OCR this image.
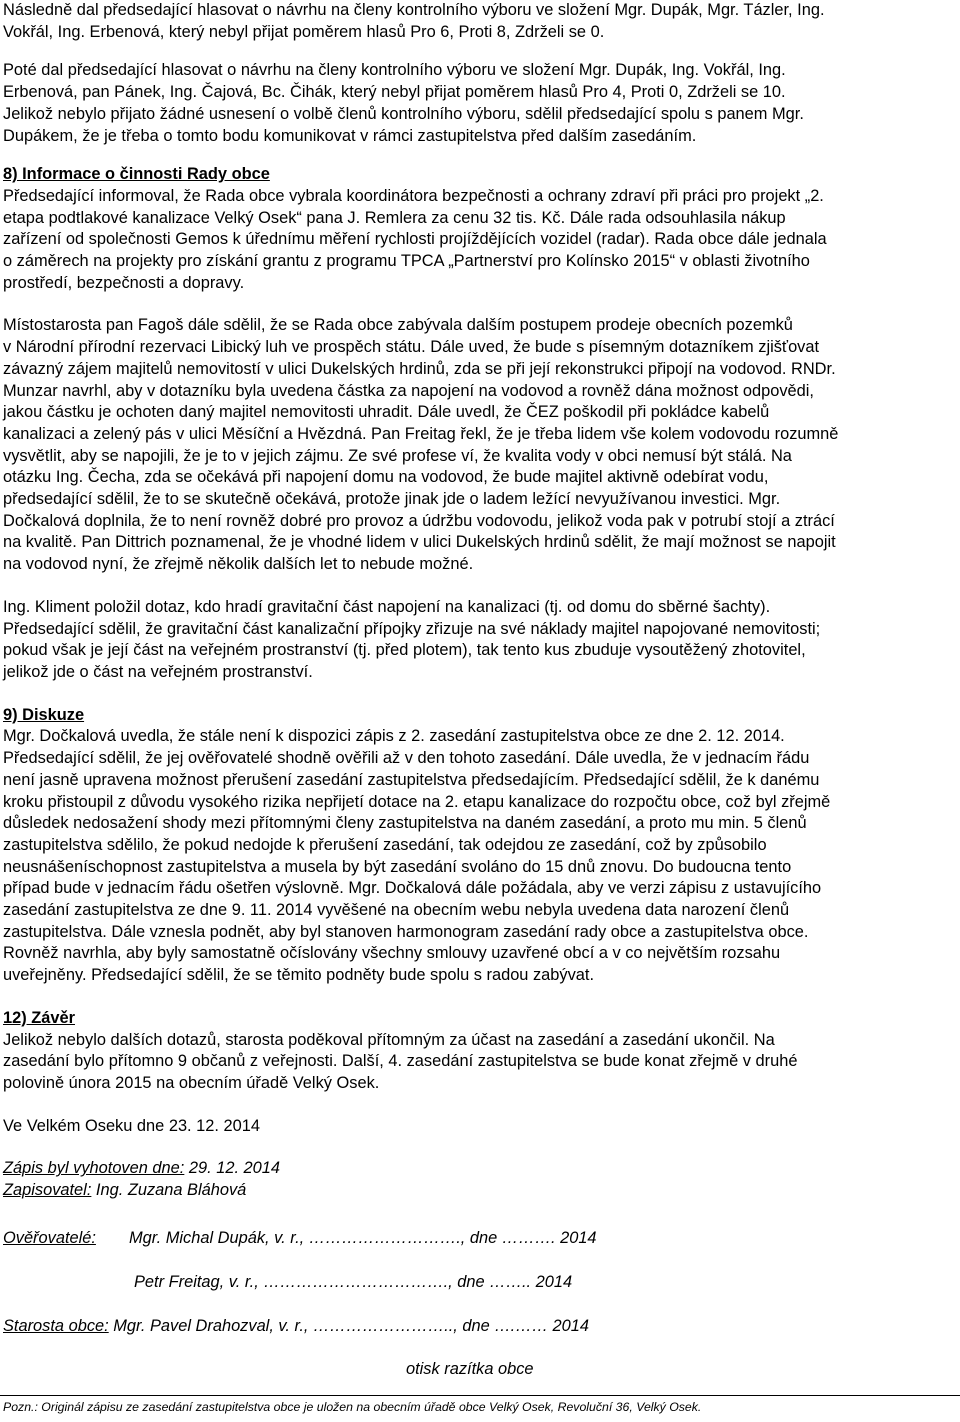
Následně dal předsedající hlasovat o návrhu na členy kontrolního výboru ve složení Mgr. Dupák, Mgr. Tázler, Ing.
Vokřál, Ing. Erbenová, který nebyl přijat poměrem hlasů Pro 6, Proti 8, Zdrželi se 0.

Poté dal předsedající hlasovat o návrhu na členy kontrolního výboru ve složení Mgr. Dupák, Ing. Vokřál, Ing.
Erbenová, pan Pánek, Ing. Čajová, Bc. Čihák, který nebyl přijat poměrem hlasů Pro 4, Proti 0, Zdrželi se 10.
Jelikož nebylo přijato žádné usnesení o volbě členů kontrolního výboru, sdělil předsedající spolu s panem Mgr.
Dupákem, že je třeba o tomto bodu komunikovat v rámci zastupitelstva před dalším zasedáním.

8) Informace o činnosti Rady obce
Předsedající informoval, že Rada obce vybrala koordinátora bezpečnosti a ochrany zdraví při práci pro projekt „2.
etapa podtlakové kanalizace Velký Osek“ pana J. Remlera za cenu 32 tis. Kč. Dále rada odsouhlasila nákup
zařízení od společnosti Gemos k úřednímu měření rychlosti projíždějících vozidel (radar). Rada obce dále jednala
o záměrech na projekty pro získání grantu z programu TPCA „Partnerství pro Kolínsko 2015“ v oblasti životního
prostředí, bezpečnosti a dopravy.

Místostarosta pan Fagoš dále sdělil, že se Rada obce zabývala dalším postupem prodeje obecních pozemků
v Národní přírodní rezervaci Libický luh ve prospěch státu. Dále uved, že bude s písemným dotazníkem zjišťovat
závazný zájem majitelů nemovitostí v ulici Dukelských hrdinů, zda se při její rekonstrukci připojí na vodovod. RNDr.
Munzar navrhl, aby v dotazníku byla uvedena částka za napojení na vodovod a rovněž dána možnost odpovědi,
jakou částku je ochoten daný majitel nemovitosti uhradit. Dále uvedl, že ČEZ poškodil při pokládce kabelů
kanalizaci a zelený pás v ulici Měsíční a Hvězdná. Pan Freitag řekl, že je třeba lidem vše kolem vodovodu rozumně
vysvětlit, aby se napojili, že je to v jejich zájmu. Ze své profese ví, že kvalita vody v obci nemusí být stálá. Na
otázku Ing. Čecha, zda se očekává při napojení domu na vodovod, že bude majitel aktivně odebírat vodu,
předsedající sdělil, že to se skutečně očekává, protože jinak jde o ladem ležící nevyužívanou investici. Mgr.
Dočkalová doplnila, že to není rovněž dobré pro provoz a údržbu vodovodu, jelikož voda pak v potrubí stojí a ztrácí
na kvalitě. Pan Dittrich poznamenal, že je vhodné lidem v ulici Dukelských hrdinů sdělit, že mají možnost se napojit
na vodovod nyní, že zřejmě několik dalších let to nebude možné.

Ing. Kliment položil dotaz, kdo hradí gravitační část napojení na kanalizaci (tj. od domu do sběrné šachty).
Předsedající sdělil, že gravitační část kanalizační přípojky zřizuje na své náklady majitel napojované nemovitosti;
pokud však je její část na veřejném prostranství (tj. před plotem), tak tento kus zbuduje vysoutěžený zhotovitel,
jelikož jde o část na veřejném prostranství.

9) Diskuze
Mgr. Dočkalová uvedla, že stále není k dispozici zápis z 2. zasedání zastupitelstva obce ze dne 2. 12. 2014.
Předsedající sdělil, že jej ověřovatelé shodně ověřili až v den tohoto zasedání. Dále uvedla, že v jednacím řádu
není jasně upravena možnost přerušení zasedání zastupitelstva předsedajícím. Předsedající sdělil, že k danému
kroku přistoupil z důvodu vysokého rizika nepřijetí dotace na 2. etapu kanalizace do rozpočtu obce, což byl zřejmě
důsledek nedosažení shody mezi přítomnými členy zastupitelstva na daném zasedání, a proto mu min. 5 členů
zastupitelstva sdělilo, že pokud nedojde k přerušení zasedání, tak odejdou ze zasedání, což by způsobilo
neusnášeníschopnost zastupitelstva a musela by být zasedání svoláno do 15 dnů znovu. Do budoucna tento
případ bude v jednacím řádu ošetřen výslovně. Mgr. Dočkalová dále požádala, aby ve verzi zápisu z ustavujícího
zasedání zastupitelstva ze dne 9. 11. 2014 vyvěšené na obecním webu nebyla uvedena data narození členů
zastupitelstva. Dále vznesla podnět, aby byl stanoven harmonogram zasedání rady obce a zastupitelstva obce.
Rovněž navrhla, aby byly samostatně očíslovány všechny smlouvy uzavřené obcí a v co největším rozsahu
uveřejněny. Předsedající sdělil, že se těmito podněty bude spolu s radou zabývat.

12) Závěr
Jelikož nebylo dalších dotazů, starosta poděkoval přítomným za účast na zasedání a zasedání ukončil. Na
zasedání bylo přítomno 9 občanů z veřejnosti. Další, 4. zasedání zastupitelstva se bude konat zřejmě v druhé
polovině února 2015 na obecním úřadě Velký Osek.

Ve Velkém Oseku dne 23. 12. 2014

Zápis byl vyhotoven dne: 29. 12. 2014
Zapisovatel: Ing. Zuzana Bláhová

Ověřovatelé: Mgr. Michal Dupák, v. r., ………………………., dne ………. 2014
Petr Freitag, v. r., ……………………………., dne …….. 2014
Starosta obce: Mgr. Pavel Drahozval, v. r., …………………….., dne ….…… 2014
otisk razítka obce
Pozn.: Originál zápisu ze zasedání zastupitelstva obce je uložen na obecním úřadě obce Velký Osek, Revoluční 36, Velký Osek.
